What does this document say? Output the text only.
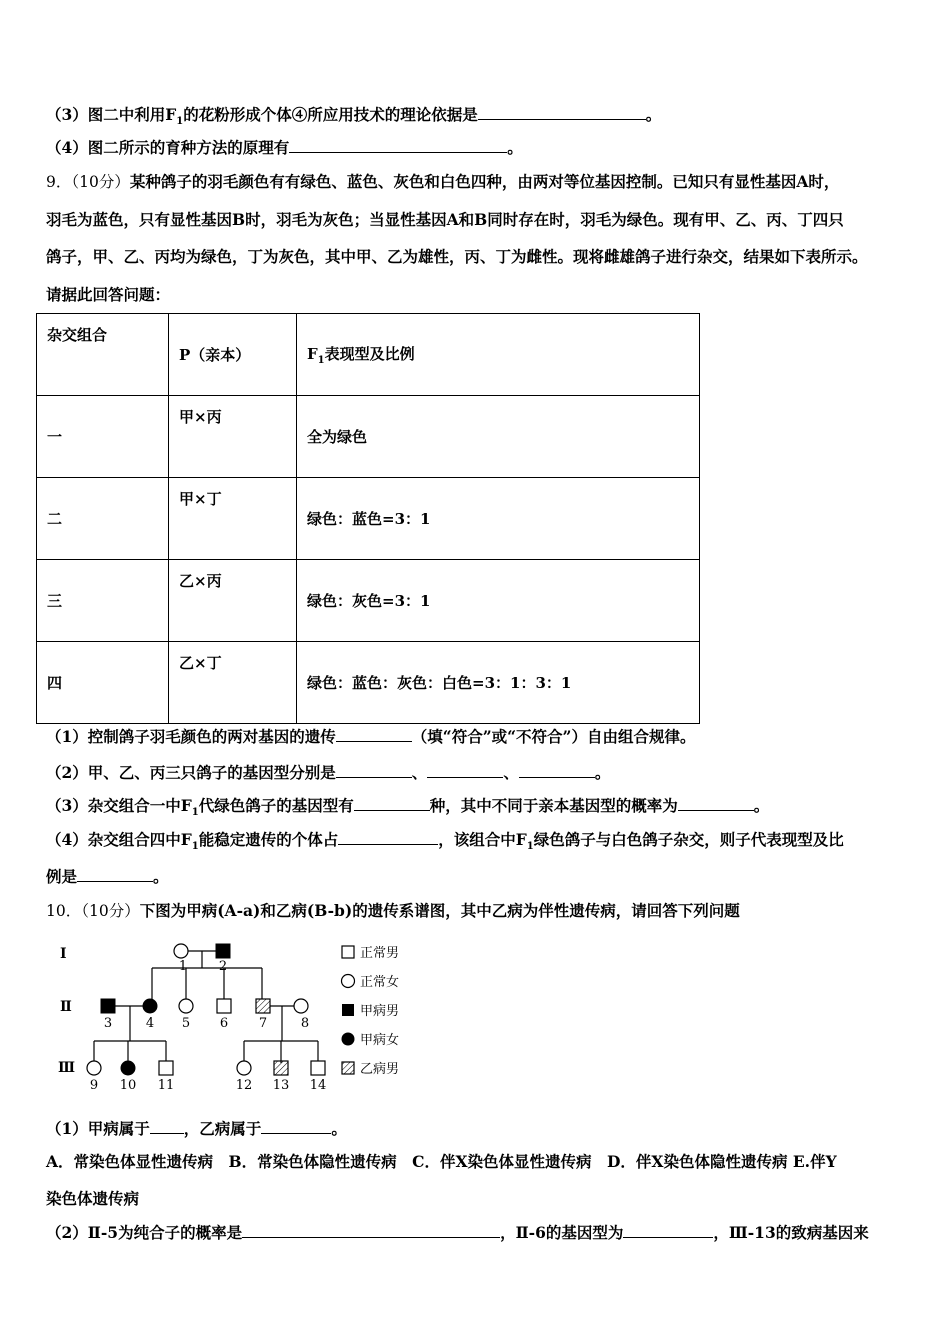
（3）图二中利用$F_1$的花粉形成个体④所应用技术的理论依据是	。
（4）图二所示的育种方法的原理有	。
9．（10分）某种鸽子的羽毛颜色有有绿色、蓝色、灰色和白色四种，由两对等位基因控制。已知只有显性基因A时，
羽毛为蓝色，只有显性基因B时，羽毛为灰色；当显性基因A和B同时存在时，羽毛为绿色。现有甲、乙、丙、丁四只
鸽子，甲、乙、丙均为绿色，丁为灰色，其中甲、乙为雄性，丙、丁为雌性。现将雌雄鸽子进行杂交，结果如下表所示。
请据此回答问题：
杂交组合	P（亲本）	$F_1$表现型及比例
一	甲×丙	全为绿色
二	甲×丁	绿色：蓝色=3：1
三	乙×丙	绿色：灰色=3：1
四	乙×丁	绿色：蓝色：灰色：白色=3：1：3：1
（1）控制鸽子羽毛颜色的两对基因的遗传	（填“符合”或“不符合”）自由组合规律。
（2）甲、乙、丙三只鸽子的基因型分别是	、	、	。
（3）杂交组合一中$F_1$代绿色鸽子的基因型有	种，其中不同于亲本基因型的概率为	。
（4）杂交组合四中$F_1$能稳定遗传的个体占	，该组合中$F_1$绿色鸽子与白色鸽子杂交，则子代表现型及比
例是	。
10．（10分）下图为甲病(A-a)和乙病(B-b)的遗传系谱图，其中乙病为伴性遗传病，请回答下列问题
Ⅰ
Ⅱ
Ⅲ
1 2
3	4 5 6 7	8
9 10 11	12 13 14
正常男
正常女
甲病男
甲病女
乙病男
（1）甲病属于 ，乙病属于	。
A．常染色体显性遗传病　B．常染色体隐性遗传病　C．伴X染色体显性遗传病　D．伴X染色体隐性遗传病 E.伴Y
染色体遗传病
（2）Ⅱ-5为纯合子的概率是	，Ⅱ-6的基因型为	，Ⅲ-13的致病基因来
